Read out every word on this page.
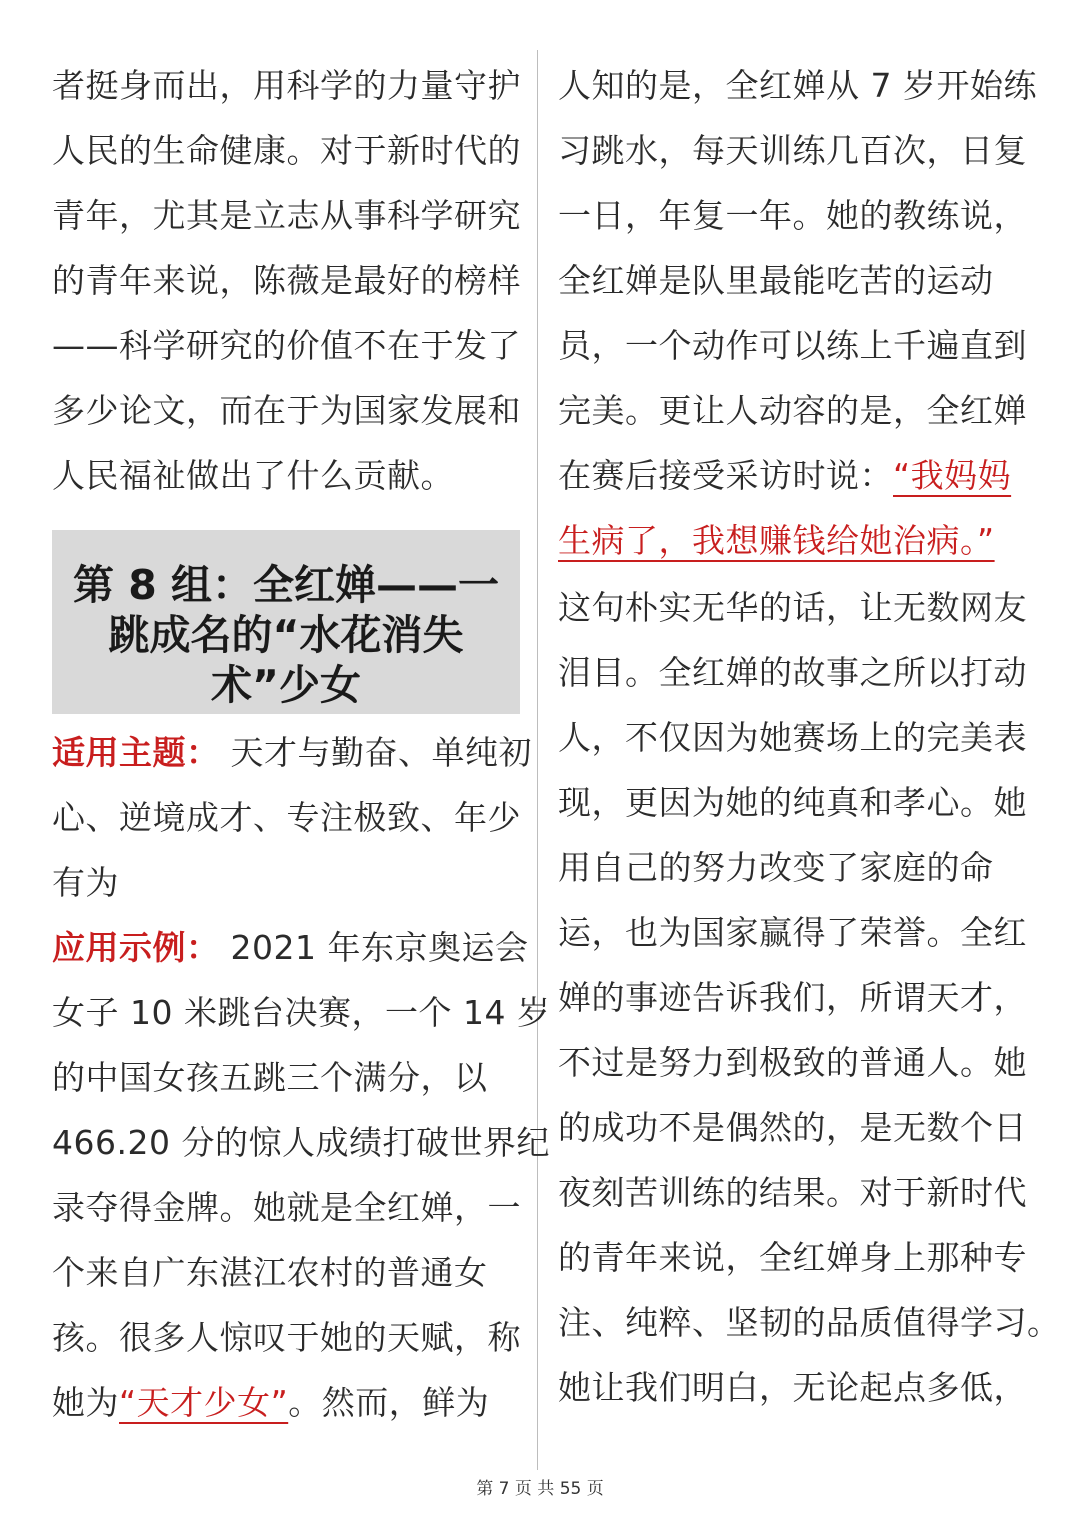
者挺身而出，用科学的力量守护
人民的生命健康。对于新时代的
青年，尤其是立志从事科学研究
的青年来说，陈薇是最好的榜样
——科学研究的价值不在于发了
多少论文，而在于为国家发展和
人民福祉做出了什么贡献。
第 8 组：全红婵——一
跳成名的“水花消失
术”少女
适用主题： 天才与勤奋、单纯初
心、逆境成才、专注极致、年少
有为
应用示例： 2021 年东京奥运会
女子 10 米跳台决赛，一个 14 岁
的中国女孩五跳三个满分，以
466.20 分的惊人成绩打破世界纪
录夺得金牌。她就是全红婵，一
个来自广东湛江农村的普通女
孩。很多人惊叹于她的天赋，称
她为“天才少女”。然而，鲜为
人知的是，全红婵从 7 岁开始练
习跳水，每天训练几百次，日复
一日，年复一年。她的教练说，
全红婵是队里最能吃苦的运动
员，一个动作可以练上千遍直到
完美。更让人动容的是，全红婵
在赛后接受采访时说：“我妈妈
生病了，我想赚钱给她治病。”
这句朴实无华的话，让无数网友
泪目。全红婵的故事之所以打动
人，不仅因为她赛场上的完美表
现，更因为她的纯真和孝心。她
用自己的努力改变了家庭的命
运，也为国家赢得了荣誉。全红
婵的事迹告诉我们，所谓天才，
不过是努力到极致的普通人。她
的成功不是偶然的，是无数个日
夜刻苦训练的结果。对于新时代
的青年来说，全红婵身上那种专
注、纯粹、坚韧的品质值得学习。
她让我们明白，无论起点多低，
第 7 页 共 55 页
